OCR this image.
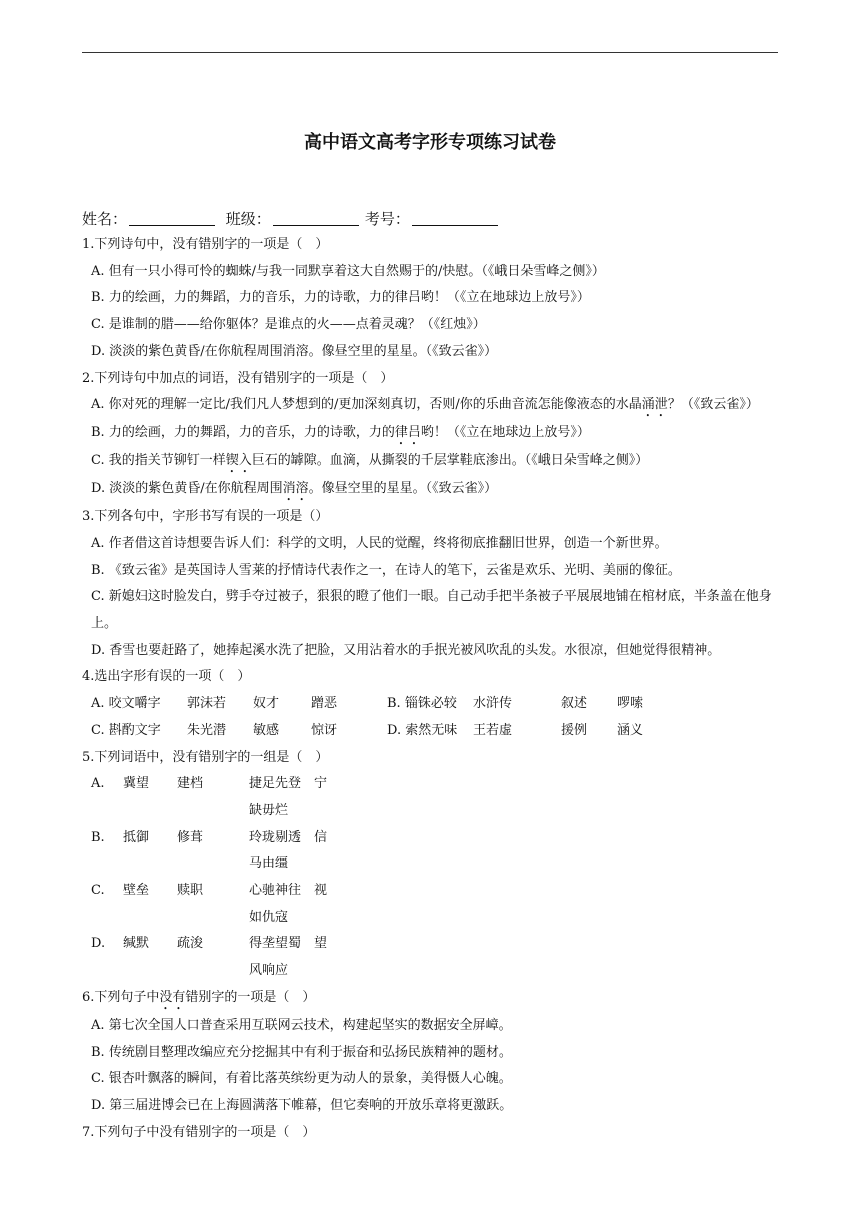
高中语文高考字形专项练习试卷
姓名：	班级：	考号：
1.下列诗句中，没有错别字的一项是（　）
A. 但有一只小得可怜的蜘蛛/与我一同默享着这大自然赐于的/快慰。（《峨日朵雪峰之侧》）
B. 力的绘画，力的舞蹈，力的音乐，力的诗歌，力的律吕哟！（《立在地球边上放号》）
C. 是谁制的腊——给你躯体？是谁点的火——点着灵魂？（《红烛》）
D. 淡淡的紫色黄昏/在你航程周围消溶。像昼空里的星星。（《致云雀》）
2.下列诗句中加点的词语，没有错别字的一项是（　）
A. 你对死的理解一定比/我们凡人梦想到的/更加深刻真切，否则/你的乐曲音流怎能像液态的水晶涌泄？（《致云雀》）
B. 力的绘画，力的舞蹈，力的音乐，力的诗歌，力的律吕哟！（《立在地球边上放号》）
C. 我的指关节铆钉一样锲入巨石的罅隙。血滴，从撕裂的千层掌鞋底渗出。（《峨日朵雪峰之侧》）
D. 淡淡的紫色黄昏/在你航程周围消溶。像昼空里的星星。（《致云雀》）
3.下列各句中，字形书写有误的一项是（）
A. 作者借这首诗想要告诉人们：科学的文明，人民的觉醒，终将彻底推翻旧世界，创造一个新世界。
B. 《致云雀》是英国诗人雪莱的抒情诗代表作之一，在诗人的笔下，云雀是欢乐、光明、美丽的像征。
C. 新媳妇这时脸发白，劈手夺过被子，狠狠的瞪了他们一眼。自己动手把半条被子平展展地铺在棺材底，半条盖在他身上。
D. 香雪也要赶路了，她捧起溪水洗了把脸，又用沾着水的手抿光被风吹乱的头发。水很凉，但她觉得很精神。
4.选出字形有误的一项（　）
A. 咬文嚼字	郭沫若	奴才	蹭恶	B. 锱铢必较	水浒传	叙述	啰嗦
C. 斟酌文字	朱光潜	敏感	惊讶	D. 索然无味	王若虚	援例	涵义
5.下列词语中，没有错别字的一组是（　）
A.	冀望	建档	捷足先登　 宁缺毋烂
B.	抵御	修葺	玲珑剔透　 信马由缰
C.	壁垒	赎职	心驰神往　 视如仇寇
D.	缄默	疏浚	得垄望蜀　 望风响应
6.下列句子中没有错别字的一项是（　）
A. 第七次全国人口普查采用互联网云技术，构建起坚实的数据安全屏嶂。
B. 传统剧目整理改编应充分挖掘其中有利于振奋和弘扬民族精神的题材。
C. 银杏叶飘落的瞬间，有着比落英缤纷更为动人的景象，美得慑人心魄。
D. 第三届进博会已在上海圆满落下帷幕，但它奏响的开放乐章将更激跃。
7.下列句子中没有错别字的一项是（　）
